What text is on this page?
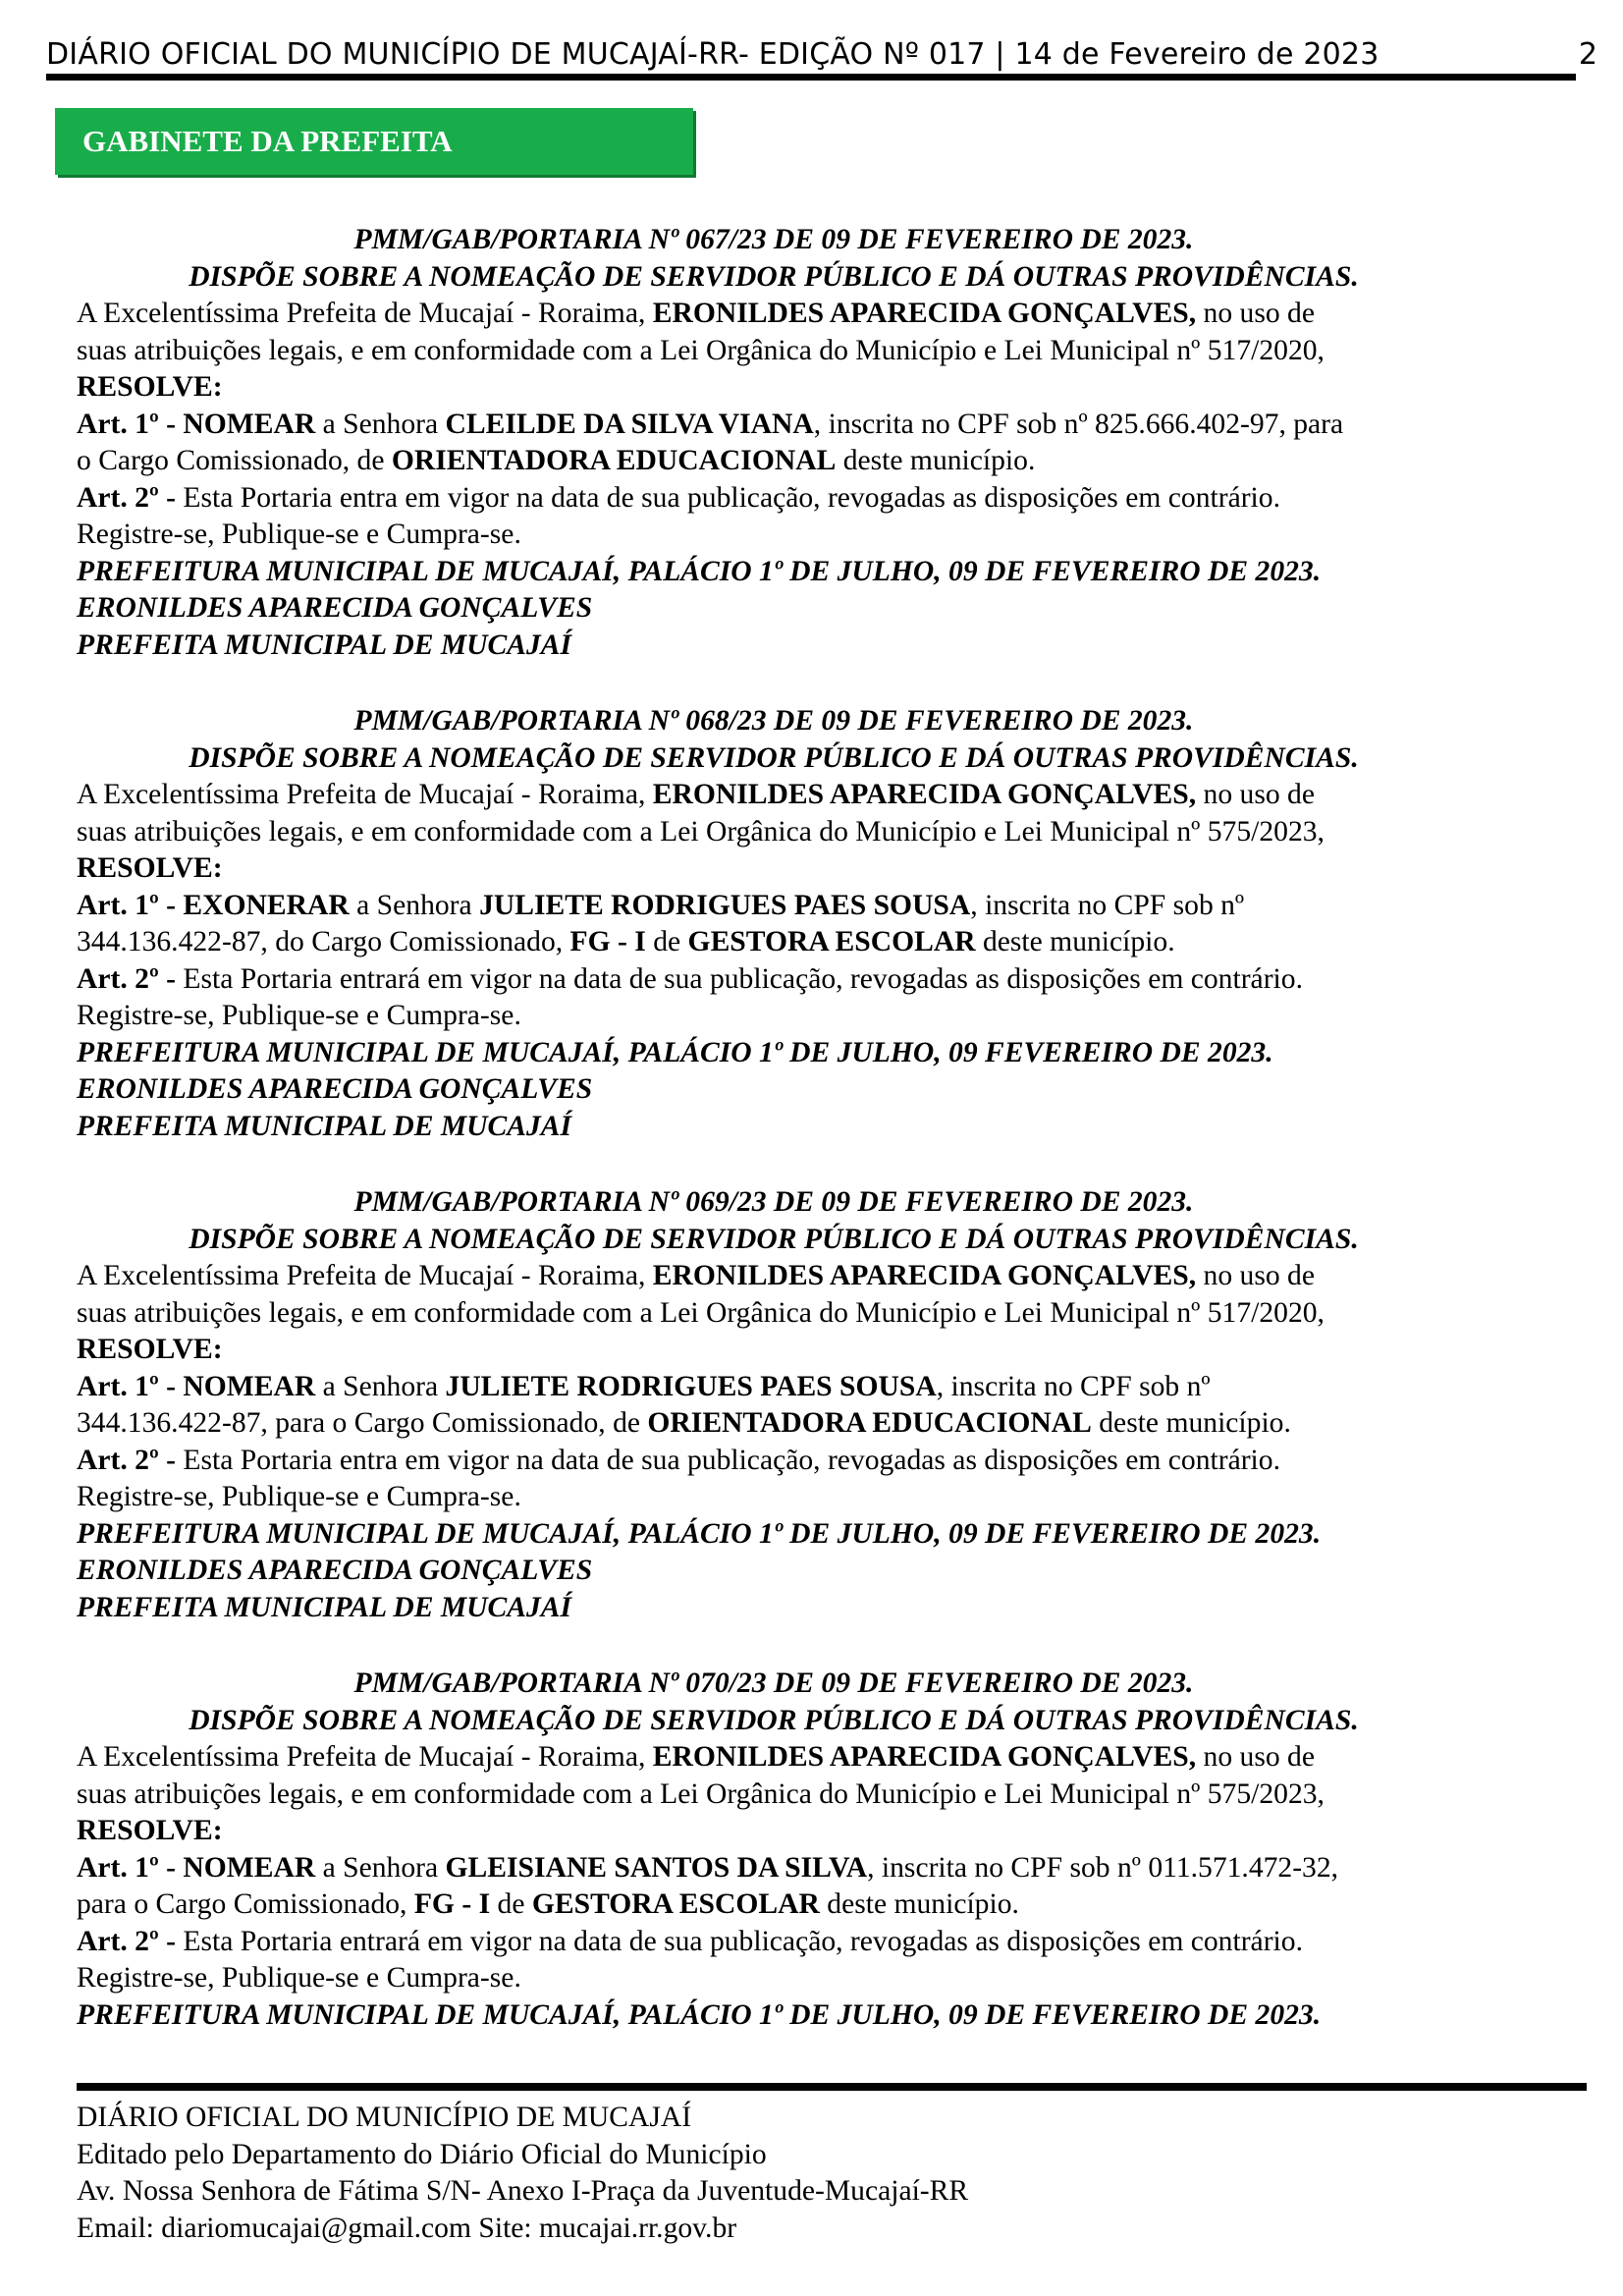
DIÁRIO OFICIAL DO MUNICÍPIO DE MUCAJAÍ-RR- EDIÇÃO Nº 017 | 14 de Fevereiro de 2023	2
GABINETE DA PREFEITA
PMM/GAB/PORTARIA Nº 067/23 DE 09 DE FEVEREIRO DE 2023.
DISPÕE SOBRE A NOMEAÇÃO DE SERVIDOR PÚBLICO E DÁ OUTRAS PROVIDÊNCIAS.
A Excelentíssima Prefeita de Mucajaí - Roraima, ERONILDES APARECIDA GONÇALVES, no uso de
suas atribuições legais, e em conformidade com a Lei Orgânica do Município e Lei Municipal nº 517/2020,
RESOLVE:
Art. 1º - NOMEAR a Senhora CLEILDE DA SILVA VIANA, inscrita no CPF sob nº 825.666.402-97, para
o Cargo Comissionado, de ORIENTADORA EDUCACIONAL deste município.
Art. 2º - Esta Portaria entra em vigor na data de sua publicação, revogadas as disposições em contrário.
Registre-se, Publique-se e Cumpra-se.
PREFEITURA MUNICIPAL DE MUCAJAÍ, PALÁCIO 1º DE JULHO, 09 DE FEVEREIRO DE 2023.
ERONILDES APARECIDA GONÇALVES
PREFEITA MUNICIPAL DE MUCAJAÍ
PMM/GAB/PORTARIA Nº 068/23 DE 09 DE FEVEREIRO DE 2023.
DISPÕE SOBRE A NOMEAÇÃO DE SERVIDOR PÚBLICO E DÁ OUTRAS PROVIDÊNCIAS.
A Excelentíssima Prefeita de Mucajaí - Roraima, ERONILDES APARECIDA GONÇALVES, no uso de
suas atribuições legais, e em conformidade com a Lei Orgânica do Município e Lei Municipal nº 575/2023,
RESOLVE:
Art. 1º - EXONERAR a Senhora JULIETE RODRIGUES PAES SOUSA, inscrita no CPF sob nº
344.136.422-87, do Cargo Comissionado, FG - I de GESTORA ESCOLAR deste município.
Art. 2º - Esta Portaria entrará em vigor na data de sua publicação, revogadas as disposições em contrário.
Registre-se, Publique-se e Cumpra-se.
PREFEITURA MUNICIPAL DE MUCAJAÍ, PALÁCIO 1º DE JULHO, 09 FEVEREIRO DE 2023.
ERONILDES APARECIDA GONÇALVES
PREFEITA MUNICIPAL DE MUCAJAÍ
PMM/GAB/PORTARIA Nº 069/23 DE 09 DE FEVEREIRO DE 2023.
DISPÕE SOBRE A NOMEAÇÃO DE SERVIDOR PÚBLICO E DÁ OUTRAS PROVIDÊNCIAS.
A Excelentíssima Prefeita de Mucajaí - Roraima, ERONILDES APARECIDA GONÇALVES, no uso de
suas atribuições legais, e em conformidade com a Lei Orgânica do Município e Lei Municipal nº 517/2020,
RESOLVE:
Art. 1º - NOMEAR a Senhora JULIETE RODRIGUES PAES SOUSA, inscrita no CPF sob nº
344.136.422-87, para o Cargo Comissionado, de ORIENTADORA EDUCACIONAL deste município.
Art. 2º - Esta Portaria entra em vigor na data de sua publicação, revogadas as disposições em contrário.
Registre-se, Publique-se e Cumpra-se.
PREFEITURA MUNICIPAL DE MUCAJAÍ, PALÁCIO 1º DE JULHO, 09 DE FEVEREIRO DE 2023.
ERONILDES APARECIDA GONÇALVES
PREFEITA MUNICIPAL DE MUCAJAÍ
PMM/GAB/PORTARIA Nº 070/23 DE 09 DE FEVEREIRO DE 2023.
DISPÕE SOBRE A NOMEAÇÃO DE SERVIDOR PÚBLICO E DÁ OUTRAS PROVIDÊNCIAS.
A Excelentíssima Prefeita de Mucajaí - Roraima, ERONILDES APARECIDA GONÇALVES, no uso de
suas atribuições legais, e em conformidade com a Lei Orgânica do Município e Lei Municipal nº 575/2023,
RESOLVE:
Art. 1º - NOMEAR a Senhora GLEISIANE SANTOS DA SILVA, inscrita no CPF sob nº 011.571.472-32,
para o Cargo Comissionado, FG - I de GESTORA ESCOLAR deste município.
Art. 2º - Esta Portaria entrará em vigor na data de sua publicação, revogadas as disposições em contrário.
Registre-se, Publique-se e Cumpra-se.
PREFEITURA MUNICIPAL DE MUCAJAÍ, PALÁCIO 1º DE JULHO, 09 DE FEVEREIRO DE 2023.
DIÁRIO OFICIAL DO MUNICÍPIO DE MUCAJAÍ
Editado pelo Departamento do Diário Oficial do Município
Av. Nossa Senhora de Fátima S/N- Anexo I-Praça da Juventude-Mucajaí-RR
Email: diariomucajai@gmail.com Site: mucajai.rr.gov.br
